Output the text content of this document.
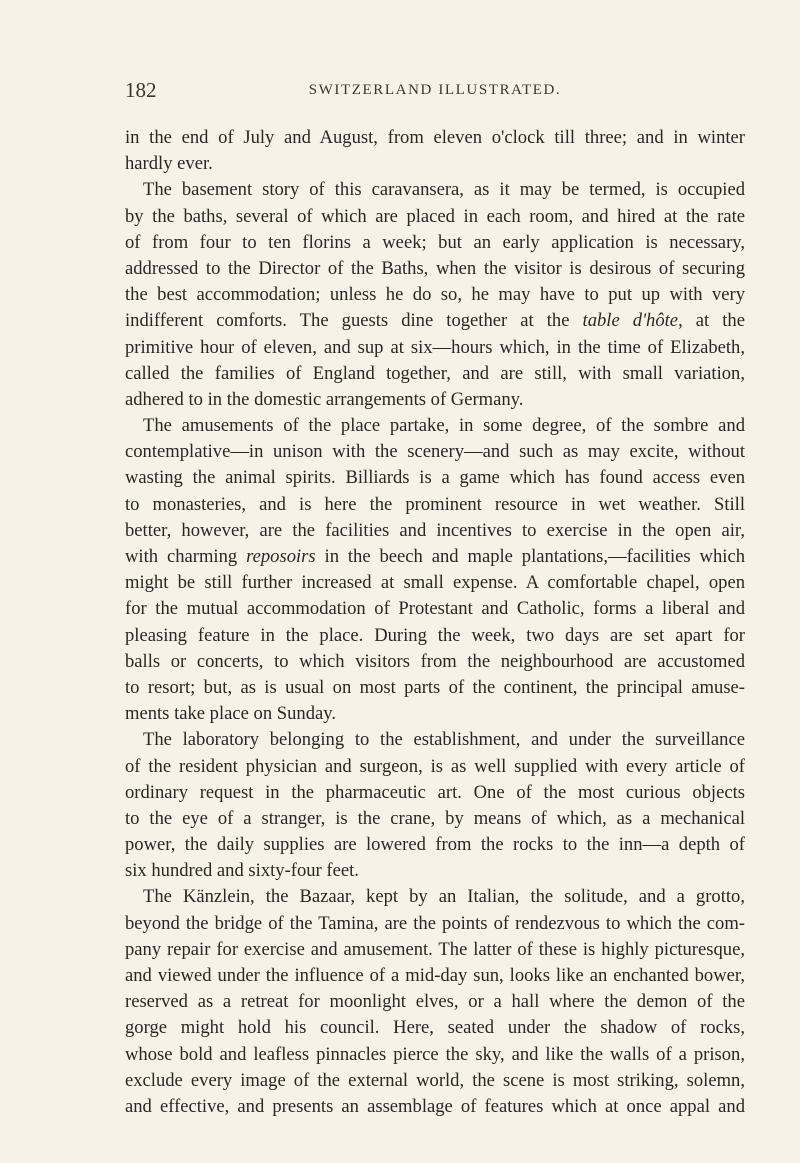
182	SWITZERLAND ILLUSTRATED.
in the end of July and August, from eleven o'clock till three; and in winter
hardly ever.
The basement story of this caravansera, as it may be termed, is occupied
by the baths, several of which are placed in each room, and hired at the rate
of from four to ten florins a week; but an early application is necessary,
addressed to the Director of the Baths, when the visitor is desirous of securing
the best accommodation; unless he do so, he may have to put up with very
indifferent comforts. The guests dine together at the table d'hôte, at the
primitive hour of eleven, and sup at six—hours which, in the time of Elizabeth,
called the families of England together, and are still, with small variation,
adhered to in the domestic arrangements of Germany.
The amusements of the place partake, in some degree, of the sombre and
contemplative—in unison with the scenery—and such as may excite, without
wasting the animal spirits. Billiards is a game which has found access even
to monasteries, and is here the prominent resource in wet weather. Still
better, however, are the facilities and incentives to exercise in the open air,
with charming reposoirs in the beech and maple plantations,—facilities which
might be still further increased at small expense. A comfortable chapel, open
for the mutual accommodation of Protestant and Catholic, forms a liberal and
pleasing feature in the place. During the week, two days are set apart for
balls or concerts, to which visitors from the neighbourhood are accustomed
to resort; but, as is usual on most parts of the continent, the principal amuse-
ments take place on Sunday.
The laboratory belonging to the establishment, and under the surveillance
of the resident physician and surgeon, is as well supplied with every article of
ordinary request in the pharmaceutic art. One of the most curious objects
to the eye of a stranger, is the crane, by means of which, as a mechanical
power, the daily supplies are lowered from the rocks to the inn—a depth of
six hundred and sixty-four feet.
The Känzlein, the Bazaar, kept by an Italian, the solitude, and a grotto,
beyond the bridge of the Tamina, are the points of rendezvous to which the com-
pany repair for exercise and amusement. The latter of these is highly picturesque,
and viewed under the influence of a mid-day sun, looks like an enchanted bower,
reserved as a retreat for moonlight elves, or a hall where the demon of the
gorge might hold his council. Here, seated under the shadow of rocks,
whose bold and leafless pinnacles pierce the sky, and like the walls of a prison,
exclude every image of the external world, the scene is most striking, solemn,
and effective, and presents an assemblage of features which at once appal and
